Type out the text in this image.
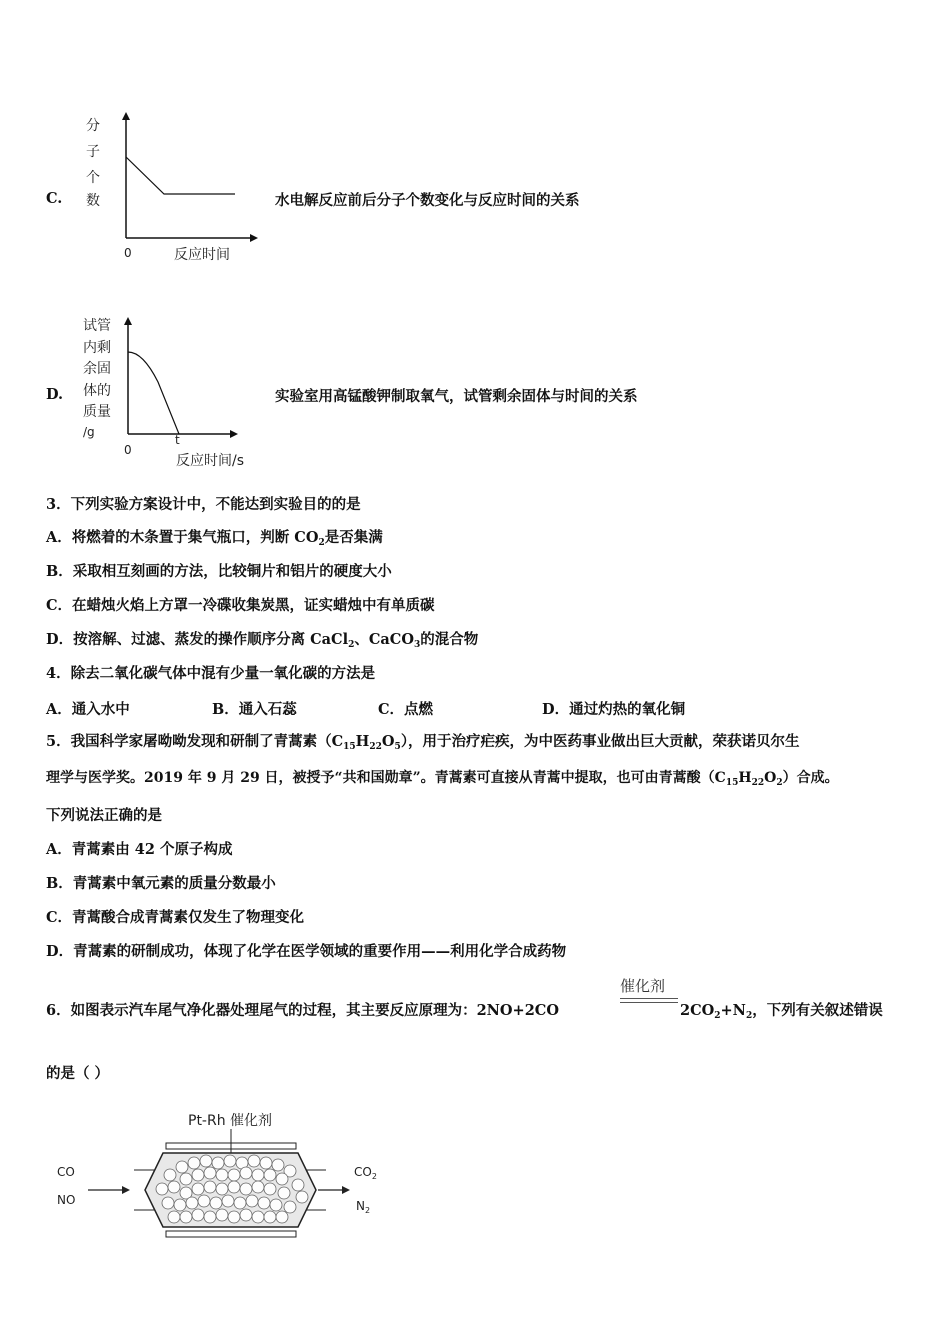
C.
分
子
个
数
0	反应时间
水电解反应前后分子个数变化与反应时间的关系
D.
试管
内剩
余固
体的
质量
/g
t
0
反应时间/s
实验室用高锰酸钾制取氧气，试管剩余固体与时间的关系
3．下列实验方案设计中，不能达到实验目的的是
A．将燃着的木条置于集气瓶口，判断 $CO_2$是否集满
B．采取相互刻画的方法，比较铜片和铝片的硬度大小
C．在蜡烛火焰上方罩一冷碟收集炭黑，证实蜡烛中有单质碳
D．按溶解、过滤、蒸发的操作顺序分离 CaCl$_2$、CaCO$_3$的混合物
4．除去二氧化碳气体中混有少量一氧化碳的方法是
A．通入水中	B．通入石蕊	C．点燃	D．通过灼热的氧化铜
5．我国科学家屠呦呦发现和研制了青蒿素$(C_{15}H_{22}O_5)$，用于治疗疟疾，为中医药事业做出巨大贡献，荣获诺贝尔生
理学与医学奖。2019 年 9 月 29 日，被授予“共和国勋章”。青蒿素可直接从青蒿中提取，也可由青蒿酸$(C_{15}H_{22}O_2)$合成。
下列说法正确的是
A．青蒿素由 42 个原子构成
B．青蒿素中氧元素的质量分数最小
C．青蒿酸合成青蒿素仅发生了物理变化
D．青蒿素的研制成功，体现了化学在医学领域的重要作用——利用化学合成药物
6．如图表示汽车尾气净化器处理尾气的过程，其主要反应原理为：2NO+2CO
催化剂
$2CO_2+N_2$，下列有关叙述错误
的是（ ）
Pt-Rh 催化剂
CO
NO
$CO_2$
$N_2$
